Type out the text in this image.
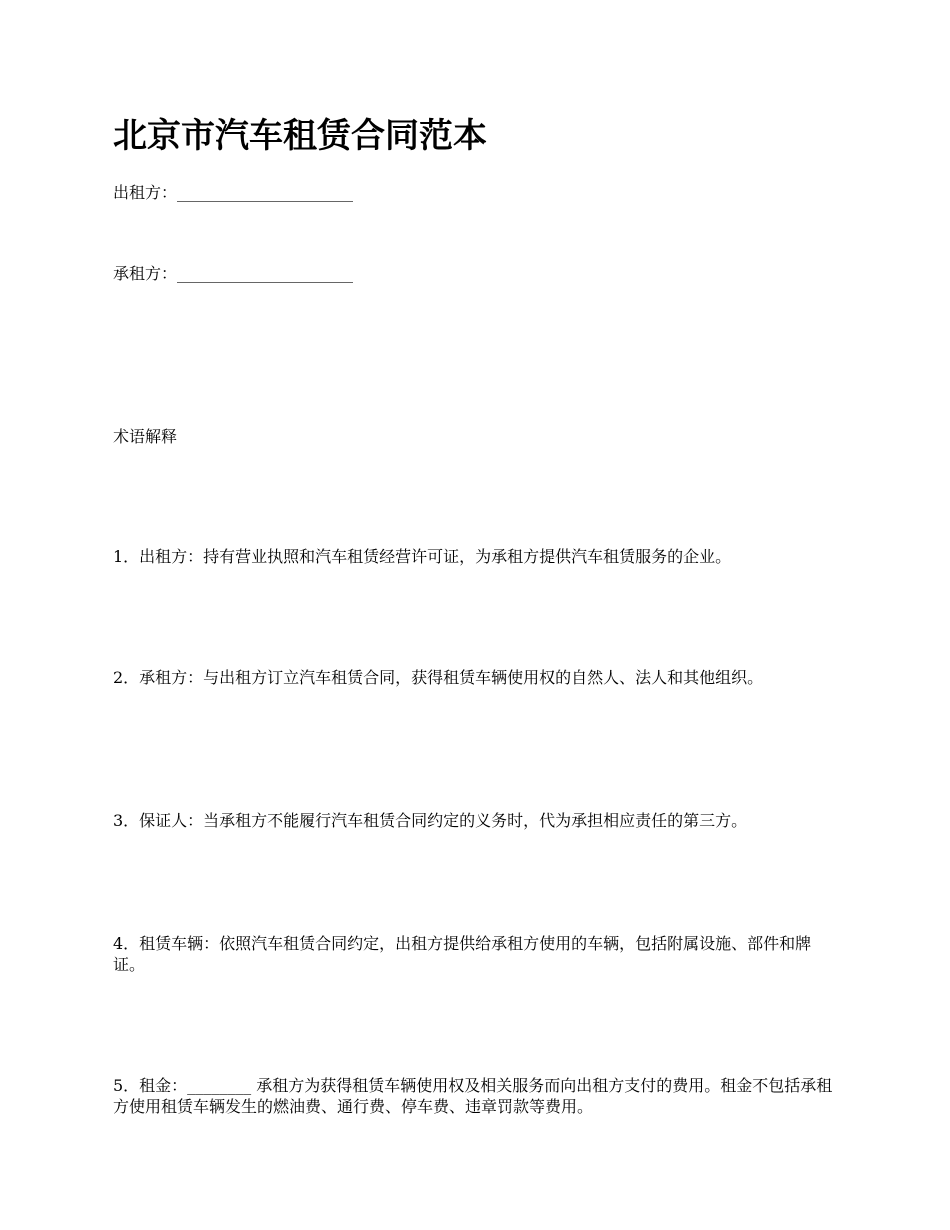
北京市汽车租赁合同范本

出租方：______________________

承租方：______________________

术语解释

1．出租方：持有营业执照和汽车租赁经营许可证，为承租方提供汽车租赁服务的企业。

2．承租方：与出租方订立汽车租赁合同，获得租赁车辆使用权的自然人、法人和其他组织。

3．保证人：当承租方不能履行汽车租赁合同约定的义务时，代为承担相应责任的第三方。

4．租赁车辆：依照汽车租赁合同约定，出租方提供给承租方使用的车辆，包括附属设施、部件和牌证。

5．租金：________ 承租方为获得租赁车辆使用权及相关服务而向出租方支付的费用。租金不包括承租方使用租赁车辆发生的燃油费、通行费、停车费、违章罚款等费用。
